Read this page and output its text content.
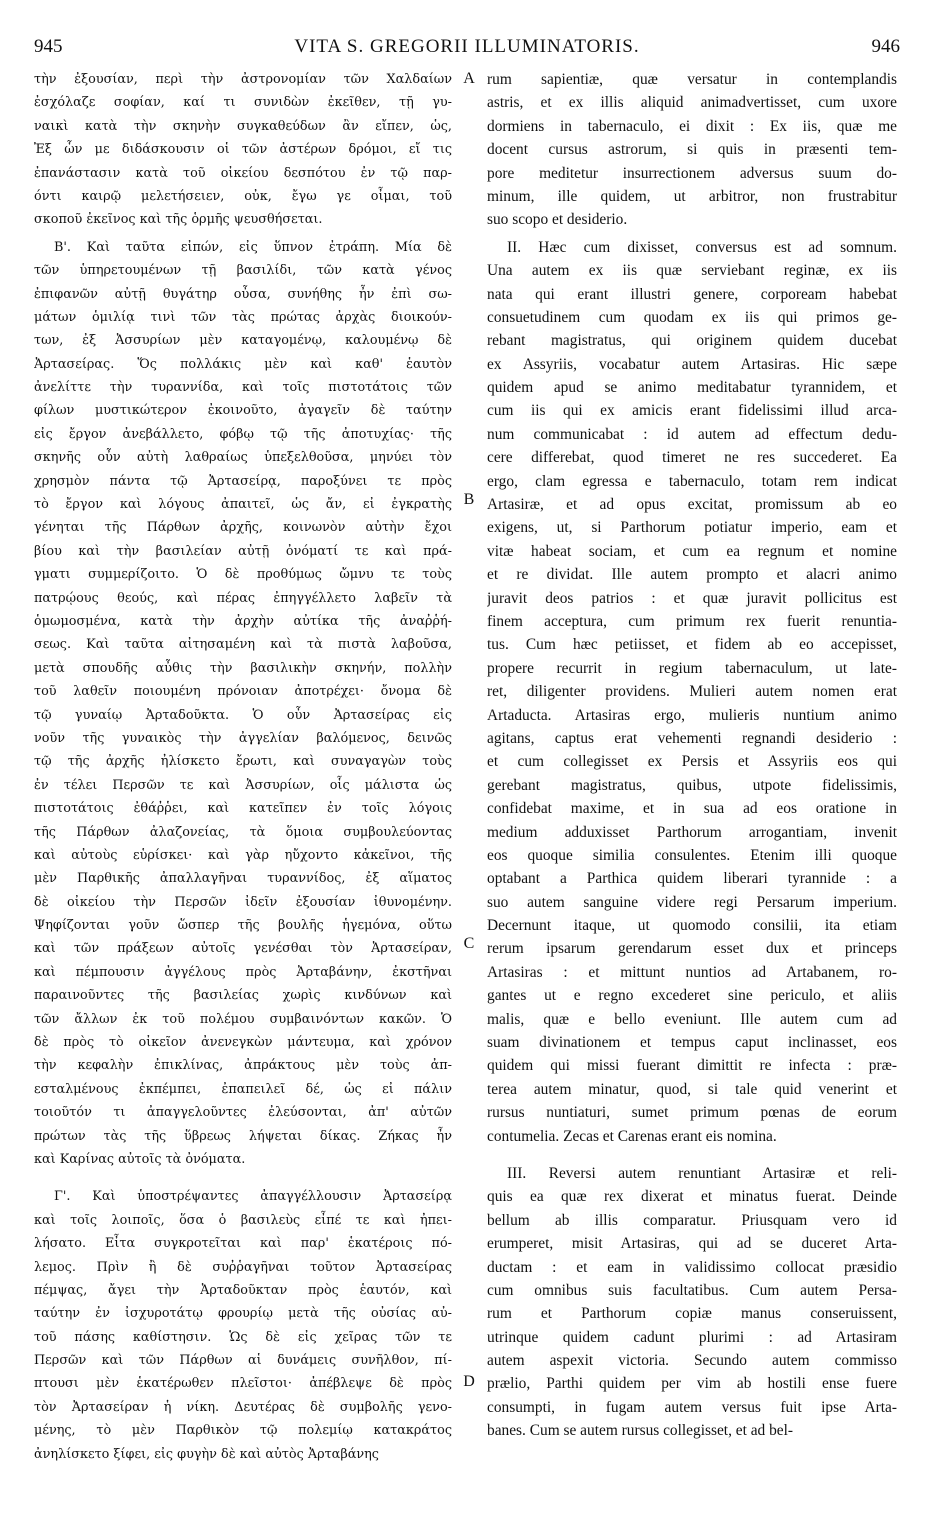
945	VITA S. GREGORII ILLUMINATORIS.	946
τὴν ἐξουσίαν, περὶ τὴν ἀστρονομίαν τῶν Χαλδαίων
ἐσχόλαζε σοφίαν, καί τι συνιδὼν ἐκεῖθεν, τῇ γυ-
ναικὶ κατὰ τὴν σκηνὴν συγκαθεύδων ἂν εἴπεν, ὡς,
Ἐξ ὧν με διδάσκουσιν οἱ τῶν ἀστέρων δρόμοι, εἴ τις
ἐπανάστασιν κατὰ τοῦ οἰκείου δεσπότου ἐν τῷ παρ-
όντι καιρῷ μελετήσειεν, οὐκ, ἔγω γε οἶμαι, τοῦ
σκοποῦ ἐκεῖνος καὶ τῆς ὁρμῆς ψευσθήσεται.
Β'. Καὶ ταῦτα εἰπών, εἰς ὕπνον ἐτράπη. Μία δὲ
τῶν ὑπηρετουμένων τῇ βασιλίδι, τῶν κατὰ γένος
ἐπιφανῶν αὐτῇ θυγάτηρ οὖσα, συνήθης ἦν ἐπὶ σω-
μάτων ὁμιλίᾳ τινὶ τῶν τὰς πρώτας ἀρχὰς διοικούν-
των, ἐξ Ἀσσυρίων μὲν καταγομένῳ, καλουμένῳ δὲ
Ἀρτασείρας. Ὅς πολλάκις μὲν καὶ καθ' ἑαυτὸν
ἀνελίττε τὴν τυραννίδα, καὶ τοῖς πιστοτάτοις τῶν
φίλων μυστικώτερον ἐκοινοῦτο, ἀγαγεῖν δὲ ταύτην
εἰς ἔργον ἀνεβάλλετο, φόβῳ τῷ τῆς ἀποτυχίας· τῆς
σκηνῆς οὖν αὐτὴ λαθραίως ὑπεξελθοῦσα, μηνύει τὸν
χρησμὸν πάντα τῷ Ἀρτασείρᾳ, παροξύνει τε πρὸς
τὸ ἔργον καὶ λόγους ἀπαιτεῖ, ὡς ἄν, εἰ ἐγκρατὴς
γένηται τῆς Πάρθων ἀρχῆς, κοινωνὸν αὐτὴν ἔχοι
βίου καὶ τὴν βασιλείαν αὐτῇ ὀνόματί τε καὶ πρά-
γματι συμμερίζοιτο. Ὁ δὲ προθύμως ὤμνυ τε τοὺς
πατρῴους θεούς, καὶ πέρας ἐπηγγέλλετο λαβεῖν τὰ
ὁμωμοσμένα, κατὰ τὴν ἀρχὴν αὐτίκα τῆς ἀναῤῥή-
σεως. Καὶ ταῦτα αἰτησαμένη καὶ τὰ πιστὰ λαβοῦσα,
μετὰ σπουδῆς αὖθις τὴν βασιλικὴν σκηνήν, πολλὴν
τοῦ λαθεῖν ποιουμένη πρόνοιαν ἀποτρέχει· ὄνομα δὲ
τῷ γυναίῳ Ἀρταδοῦκτα. Ὁ οὖν Ἀρτασείρας εἰς
νοῦν τῆς γυναικὸς τὴν ἀγγελίαν βαλόμενος, δεινῶς
τῷ τῆς ἀρχῆς ἠλίσκετο ἔρωτι, καὶ συναγαγὼν τοὺς
ἐν τέλει Περσῶν τε καὶ Ἀσσυρίων, οἷς μάλιστα ὡς
πιστοτάτοις ἐθάῤῥει, καὶ κατεῖπεν ἐν τοῖς λόγοις
τῆς Πάρθων ἀλαζονείας, τὰ ὅμοια συμβουλεύοντας
καὶ αὐτοὺς εὑρίσκει· καὶ γὰρ ηὔχοντο κἀκεῖνοι, τῆς
μὲν Παρθικῆς ἀπαλλαγῆναι τυραννίδος, ἐξ αἵματος
δὲ οἰκείου τὴν Περσῶν ἰδεῖν ἐξουσίαν ἰθυνομένην.
Ψηφίζονται γοῦν ὥσπερ τῆς βουλῆς ἡγεμόνα, οὕτω
καὶ τῶν πράξεων αὐτοῖς γενέσθαι τὸν Ἀρτασείραν,
καὶ πέμπουσιν ἀγγέλους πρὸς Ἀρταβάνην, ἐκστῆναι
παραινοῦντες τῆς βασιλείας χωρὶς κινδύνων καὶ
τῶν ἄλλων ἐκ τοῦ πολέμου συμβαινόντων κακῶν. Ὁ
δὲ πρὸς τὸ οἰκεῖον ἀνενεγκὼν μάντευμα, καὶ χρόνον
τὴν κεφαλὴν ἐπικλίνας, ἀπράκτους μὲν τοὺς ἀπ-
εσταλμένους ἐκπέμπει, ἐπαπειλεῖ δέ, ὡς εἰ πάλιν
τοιοῦτόν τι ἀπαγγελοῦντες ἐλεύσονται, ἀπ' αὐτῶν
πρώτων τὰς τῆς ὕβρεως λήψεται δίκας. Ζήκας ἦν
καὶ Καρίνας αὐτοῖς τὰ ὀνόματα.
Γ'. Καὶ ὑποστρέψαντες ἀπαγγέλλουσιν Ἀρτασείρᾳ
καὶ τοῖς λοιποῖς, ὅσα ὁ βασιλεὺς εἶπέ τε καὶ ἠπει-
λήσατο. Εἶτα συγκροτεῖται καὶ παρ' ἑκατέροις πό-
λεμος. Πρὶν ἢ δὲ συῤῥαγῆναι τοῦτον Ἀρτασείρας
πέμψας, ἄγει τὴν Ἀρταδοῦκταν πρὸς ἑαυτόν, καὶ
ταύτην ἐν ἰσχυροτάτῳ φρουρίῳ μετὰ τῆς οὐσίας αὐ-
τοῦ πάσης καθίστησιν. Ὡς δὲ εἰς χεῖρας τῶν τε
Περσῶν καὶ τῶν Πάρθων αἱ δυνάμεις συνῆλθον, πί-
πτουσι μὲν ἑκατέρωθεν πλεῖστοι· ἀπέβλεψε δὲ πρὸς
τὸν Ἀρτασείραν ἡ νίκη. Δευτέρας δὲ συμβολῆς γενο-
μένης, τὸ μὲν Παρθικὸν τῷ πολεμίῳ κατακράτος
ἀνηλίσκετο ξίφει, εἰς φυγὴν δὲ καὶ αὐτὸς Ἀρταβάνης
rum sapientiæ, quæ versatur in contemplandis
astris, et ex illis aliquid animadvertisset, cum uxore
dormiens in tabernaculo, ei dixit : Ex iis, quæ me
docent cursus astrorum, si quis in præsenti tem-
pore meditetur insurrectionem adversus suum do-
minum, ille quidem, ut arbitror, non frustrabitur
suo scopo et desiderio.
II. Hæc cum dixisset, conversus est ad somnum.
Una autem ex iis quæ serviebant reginæ, ex iis
nata qui erant illustri genere, corpoream habebat
consuetudinem cum quodam ex iis qui primos ge-
rebant magistratus, qui originem quidem ducebat
ex Assyriis, vocabatur autem Artasiras. Hic sæpe
quidem apud se animo meditabatur tyrannidem, et
cum iis qui ex amicis erant fidelissimi illud arca-
num communicabat : id autem ad effectum dedu-
cere differebat, quod timeret ne res succederet. Ea
ergo, clam egressa e tabernaculo, totam rem indicat
Artasiræ, et ad opus excitat, promissum ab eo
exigens, ut, si Parthorum potiatur imperio, eam et
vitæ habeat sociam, et cum ea regnum et nomine
et re dividat. Ille autem prompto et alacri animo
juravit deos patrios : et quæ juravit pollicitus est
finem acceptura, cum primum rex fuerit renuntia-
tus. Cum hæc petiisset, et fidem ab eo accepisset,
propere recurrit in regium tabernaculum, ut late-
ret, diligenter providens. Mulieri autem nomen erat
Artaducta. Artasiras ergo, mulieris nuntium animo
agitans, captus erat vehementi regnandi desiderio :
et cum collegisset ex Persis et Assyriis eos qui
gerebant magistratus, quibus, utpote fidelissimis,
confidebat maxime, et in sua ad eos oratione in
medium adduxisset Parthorum arrogantiam, invenit
eos quoque similia consulentes. Etenim illi quoque
optabant a Parthica quidem liberari tyrannide : a
suo autem sanguine videre regi Persarum imperium.
Decernunt itaque, ut quomodo consilii, ita etiam
rerum ipsarum gerendarum esset dux et princeps
Artasiras : et mittunt nuntios ad Artabanem, ro-
gantes ut e regno excederet sine periculo, et aliis
malis, quæ e bello eveniunt. Ille autem cum ad
suam divinationem et tempus caput inclinasset, eos
quidem qui missi fuerant dimittit re infecta : præ-
terea autem minatur, quod, si tale quid venerint et
rursus nuntiaturi, sumet primum pœnas de eorum
contumelia. Zecas et Carenas erant eis nomina.
III. Reversi autem renuntiant Artasiræ et reli-
quis ea quæ rex dixerat et minatus fuerat. Deinde
bellum ab illis comparatur. Priusquam vero id
erumperet, misit Artasiras, qui ad se duceret Arta-
ductam : et eam in validissimo collocat præsidio
cum omnibus suis facultatibus. Cum autem Persa-
rum et Parthorum copiæ manus conseruissent,
utrinque quidem cadunt plurimi : ad Artasiram
autem aspexit victoria. Secundo autem commisso
prælio, Parthi quidem per vim ab hostili ense fuere
consumpti, in fugam autem versus fuit ipse Arta-
banes. Cum se autem rursus collegisset, et ad bel-
A
B
C
D
